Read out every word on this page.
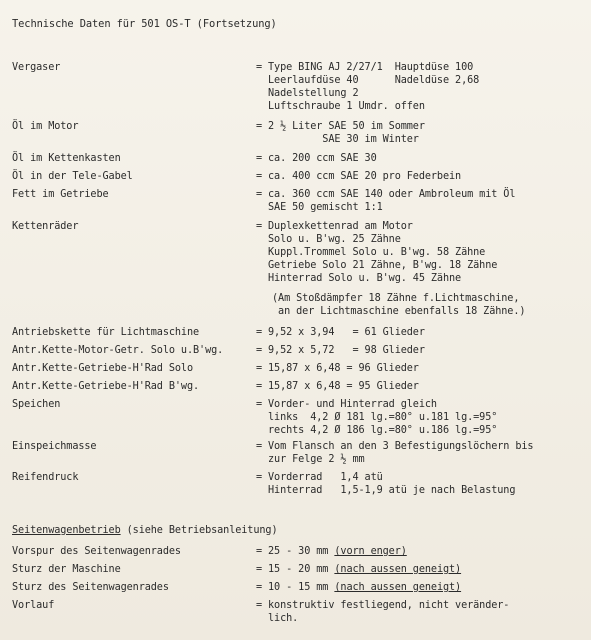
Technische Daten für 501 OS-T (Fortsetzung)
Vergaser	= Type BING AJ 2/27/1  Hauptdüse 100
Leerlaufdüse 40      Nadeldüse 2,68
Nadelstellung 2
Luftschraube 1 Umdr. offen
Öl im Motor	= 2 ½ Liter SAE 50 im Sommer
SAE 30 im Winter
Öl im Kettenkasten	= ca. 200 ccm SAE 30
Öl in der Tele-Gabel	= ca. 400 ccm SAE 20 pro Federbein
Fett im Getriebe	= ca. 360 ccm SAE 140 oder Ambroleum mit Öl
SAE 50 gemischt 1:1
Kettenräder	= Duplexkettenrad am Motor
Solo u. B'wg. 25 Zähne
Kuppl.Trommel Solo u. B'wg. 58 Zähne
Getriebe Solo 21 Zähne, B'wg. 18 Zähne
Hinterrad Solo u. B'wg. 45 Zähne
(Am Stoßdämpfer 18 Zähne f.Lichtmaschine,
an der Lichtmaschine ebenfalls 18 Zähne.)
Antriebskette für Lichtmaschine	= 9,52 x 3,94   = 61 Glieder
Antr.Kette-Motor-Getr. Solo u.B'wg.	= 9,52 x 5,72   = 98 Glieder
Antr.Kette-Getriebe-H'Rad Solo	= 15,87 x 6,48 = 96 Glieder
Antr.Kette-Getriebe-H'Rad B'wg.	= 15,87 x 6,48 = 95 Glieder
Speichen	= Vorder- und Hinterrad gleich
links  4,2 Ø 181 lg.=80° u.181 lg.=95°
rechts 4,2 Ø 186 lg.=80° u.186 lg.=95°
Einspeichmasse	= Vom Flansch an den 3 Befestigungslöchern bis
zur Felge 2 ½ mm
Reifendruck	= Vorderrad   1,4 atü
Hinterrad   1,5-1,9 atü je nach Belastung
Seitenwagenbetrieb (siehe Betriebsanleitung)
Vorspur des Seitenwagenrades	= 25 - 30 mm (vorn enger)
Sturz der Maschine	= 15 - 20 mm (nach aussen geneigt)
Sturz des Seitenwagenrades	= 10 - 15 mm (nach aussen geneigt)
Vorlauf	= konstruktiv festliegend, nicht veränder-
lich.
